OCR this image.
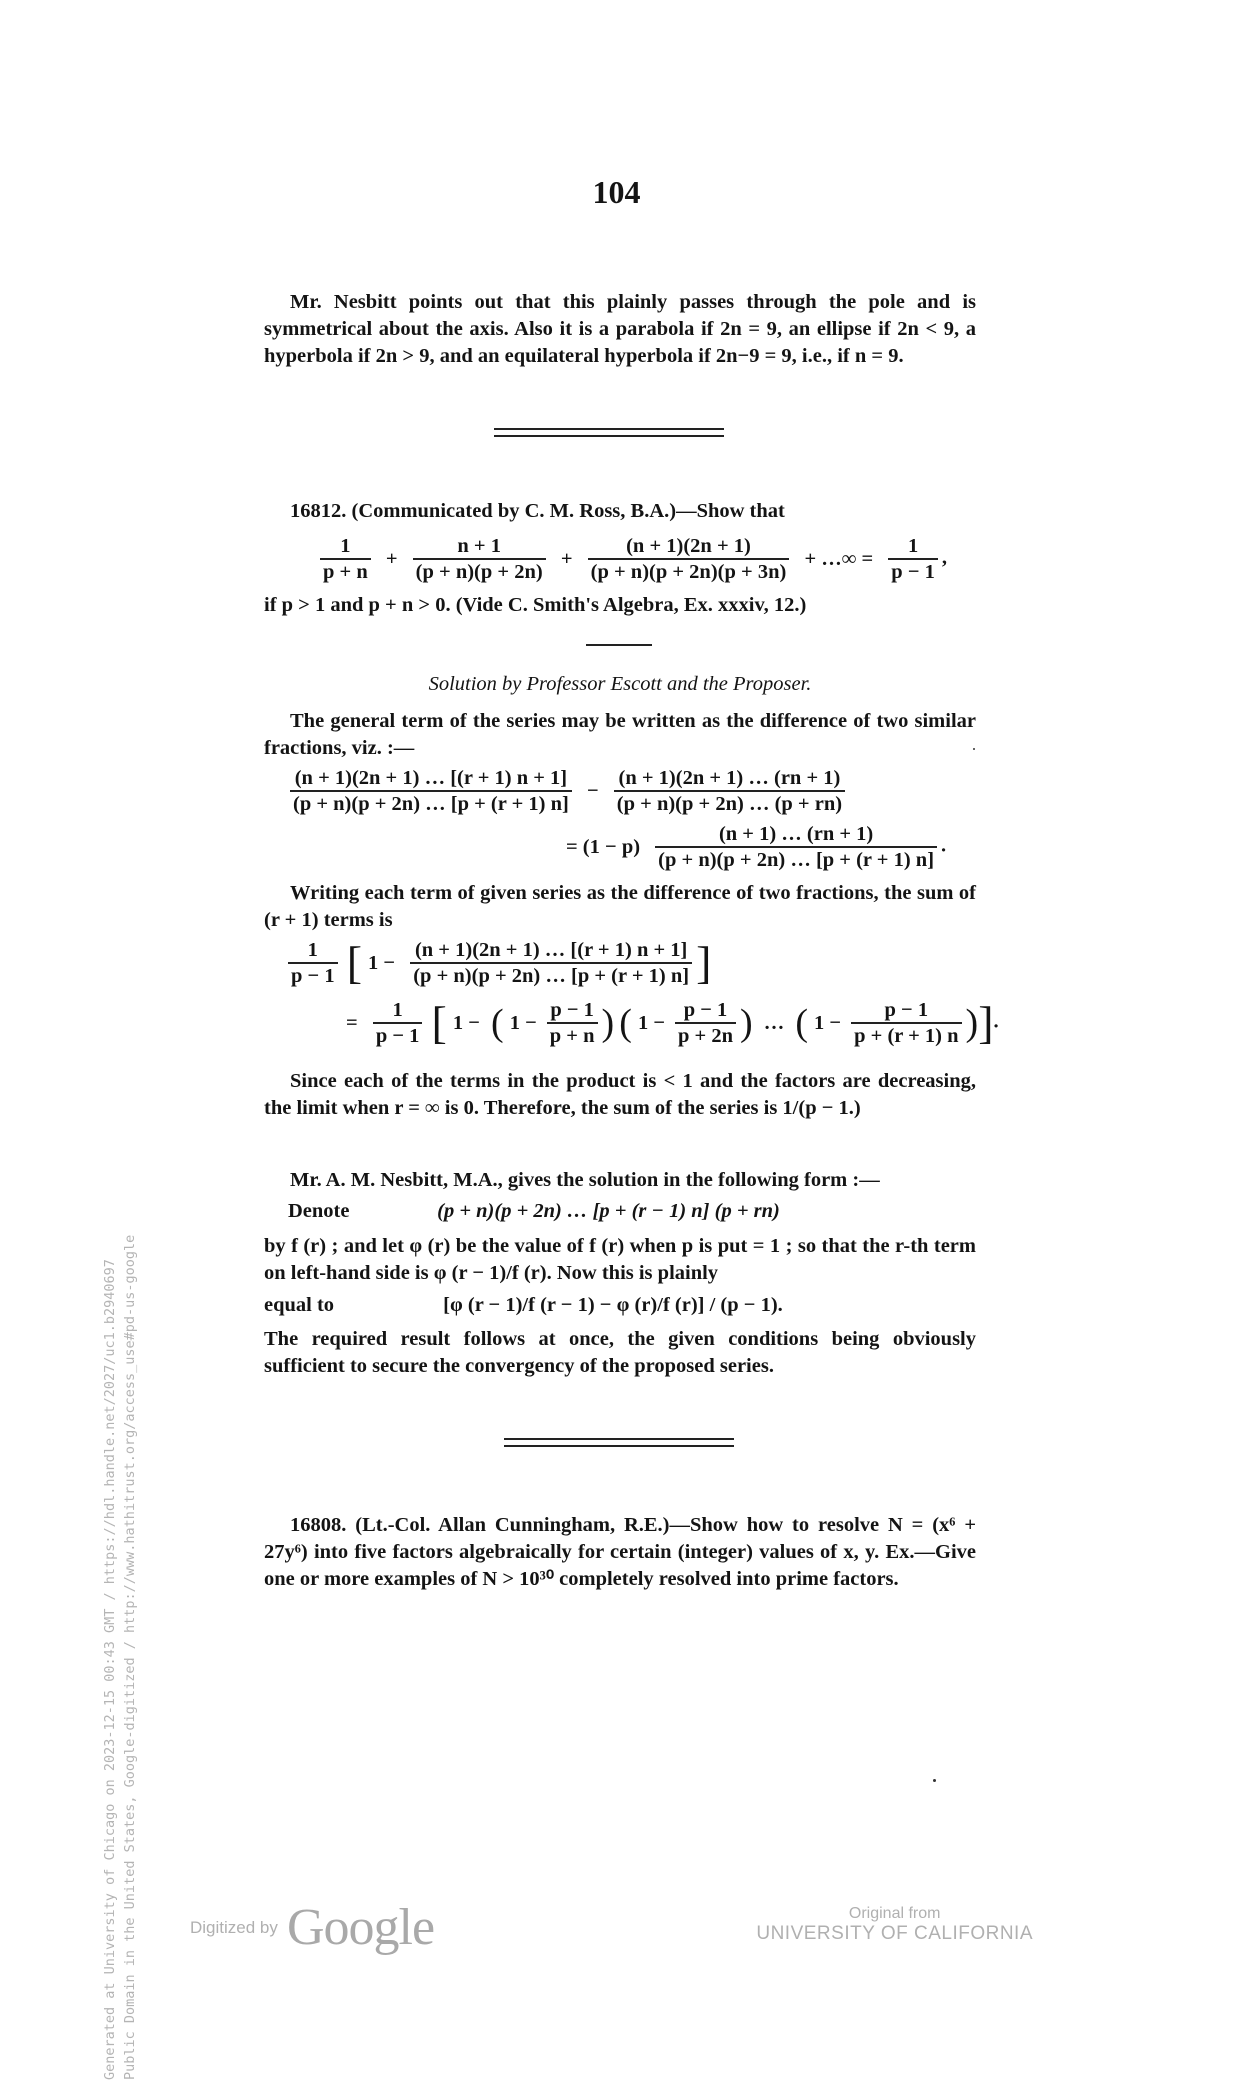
104

Mr. Nesbitt points out that this plainly passes through the pole and is symmetrical about the axis. Also it is a parabola if 2n = 9, an ellipse if 2n < 9, a hyperbola if 2n > 9, and an equilateral hyperbola if 2n−9 = 9, i.e., if n = 9.

16812. (Communicated by C. M. Ross, B.A.)—Show that

$\frac{1}{p + n} + \frac{n + 1}{(p + n)(p + 2n)} + \frac{(n + 1)(2n + 1)}{(p + n)(p + 2n)(p + 3n)}$ + …∞ = $\frac{1}{p - 1}$ ,

if p > 1 and p + n > 0. (Vide C. Smith's Algebra, Ex. xxxiv, 12.)

Solution by Professor Escott and the Proposer.

The general term of the series may be written as the difference of two similar fractions, viz. :—

$\frac{(n + 1)(2n + 1) \dots [(r + 1) n + 1]}{(p + n)(p + 2n) \dots [p + (r + 1) n]} - \frac{(n + 1)(2n + 1) \dots (rn + 1)}{(p + n)(p + 2n) \dots (p + rn)}$
= $(1 - p) \frac{(n + 1) \dots (rn + 1)}{(p + n)(p + 2n) \dots [p + (r + 1) n]}$ .

Writing each term of given series as the difference of two fractions, the sum of (r + 1) terms is

$\frac{1}{p - 1}$ [ $1 - \frac{(n + 1)(2n + 1) \dots [(r + 1) n + 1]}{(p + n)(p + 2n) \dots [p + (r + 1) n]}$ ]
= $\frac{1}{p - 1}$ [ 1 − ( $1 - \frac{p - 1}{p + n}$ ) ( $1 - \frac{p - 1}{p + 2n}$ ) … ( $1 - \frac{p - 1}{p + (r + 1) n}$ )].

Since each of the terms in the product is < 1 and the factors are decreasing, the limit when r = ∞ is 0. Therefore, the sum of the series is 1/(p − 1.)

Mr. A. M. Nesbitt, M.A., gives the solution in the following form :—

Denote	(p + n)(p + 2n) … [p + (r − 1) n] (p + rn)

by f (r) ; and let φ (r) be the value of f (r) when p is put = 1 ; so that the r-th term on left-hand side is φ (r − 1)/f (r). Now this is plainly

equal to	[φ (r − 1)/f (r − 1) − φ (r)/f (r)] / (p − 1).

The required result follows at once, the given conditions being obviously sufficient to secure the convergency of the proposed series.

16808. (Lt.-Col. Allan Cunningham, R.E.)—Show how to resolve N = (x⁶ + 27y⁶) into five factors algebraically for certain (integer) values of x, y. Ex.—Give one or more examples of N > 10³⁰ completely resolved into prime factors.

Generated at University of Chicago on 2023-12-15 00:43 GMT / https://hdl.handle.net/2027/uc1.b2940697 Public Domain in the United States, Google-digitized / http://www.hathitrust.org/access_use#pd-us-google	Digitized by Google	Original from
UNIVERSITY OF CALIFORNIA
